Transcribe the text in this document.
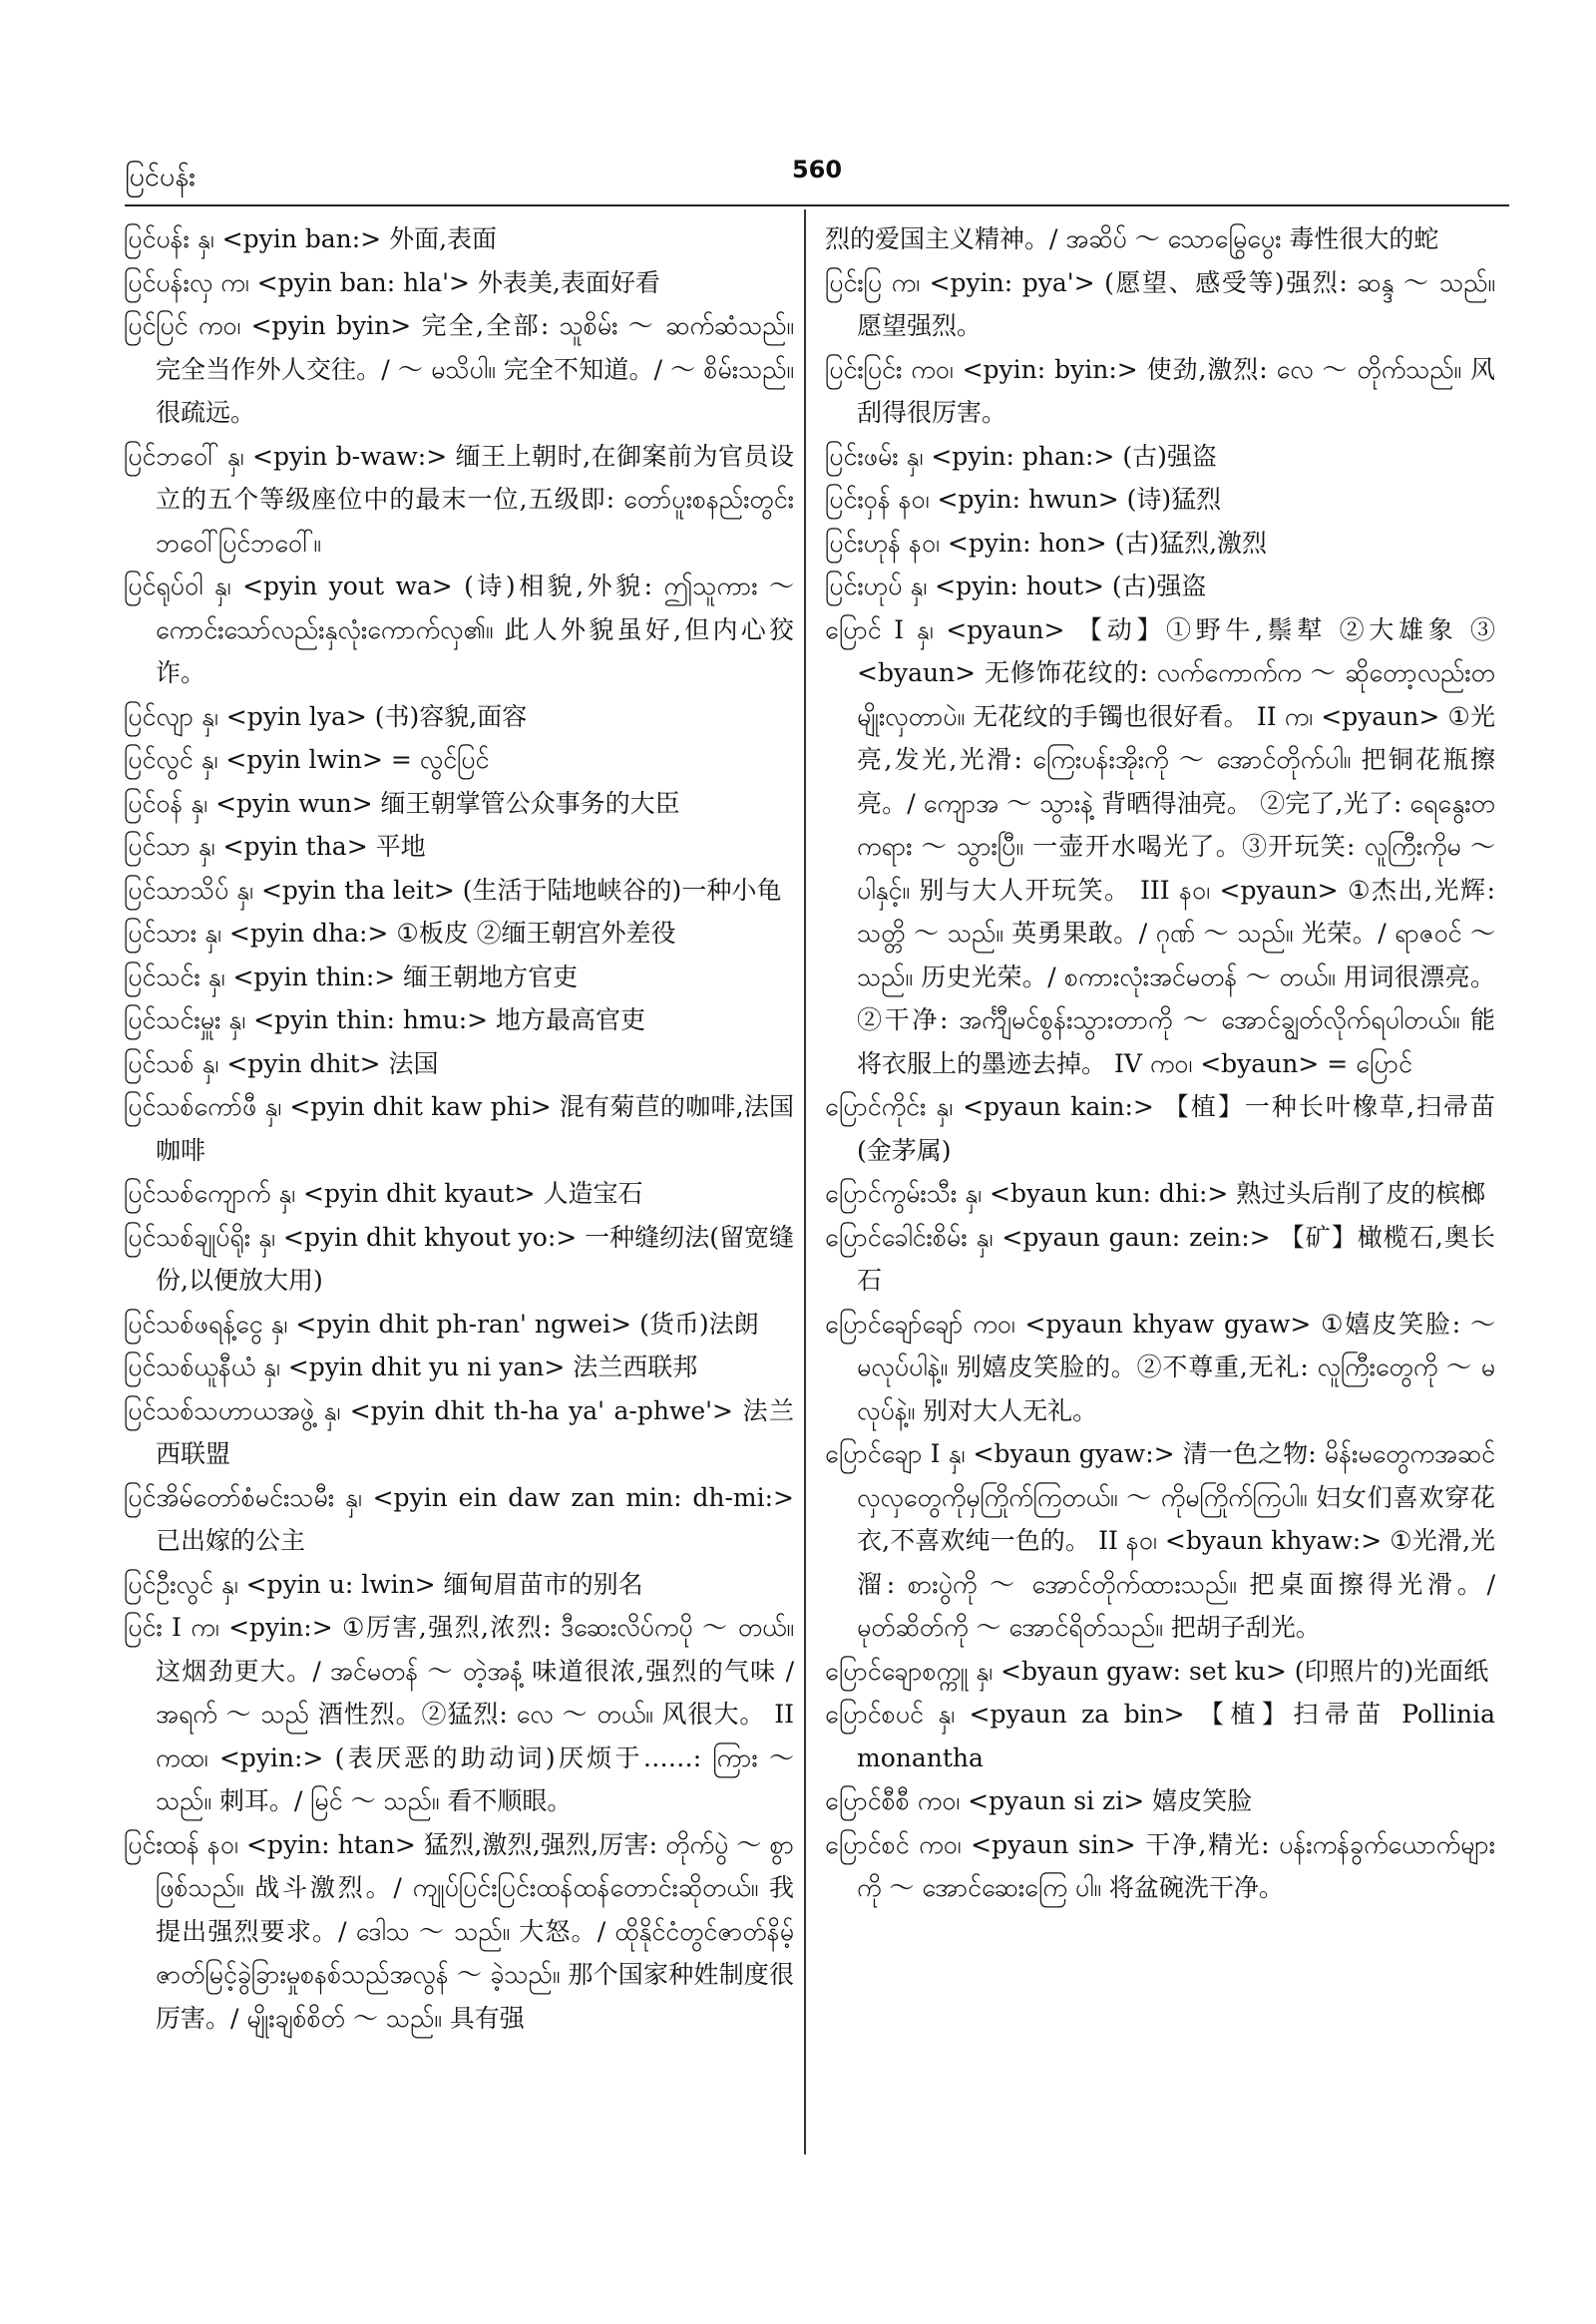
ပြင်ပန်း	560

ပြင်ပန်း နှ၊ <pyin ban:> 外面,表面

ပြင်ပန်းလှ က၊ <pyin ban: hla'> 外表美,表面好看

ပြင်ပြင် ကဝ၊ <pyin byin> 完全,全部: သူစိမ်း ～ ဆက်ဆံသည်။ 完全当作外人交往。/ ～ မသိပါ။ 完全不知道。/ ～ စိမ်းသည်။ 很疏远。

ပြင်ဘဝေါ် နှ၊ <pyin b-waw:> 缅王上朝时,在御案前为官员设立的五个等级座位中的最末一位,五级即: တော်ပူးစနည်းတွင်းဘဝေါ်ပြင်ဘဝေါ်။

ပြင်ရုပ်ဝါ နှ၊ <pyin yout wa> (诗)相貌,外貌: ဤသူကား ～ ကောင်းသော်လည်းနှလုံးကောက်လှ၏။ 此人外貌虽好,但内心狡诈。

ပြင်လျာ နှ၊ <pyin lya> (书)容貌,面容

ပြင်လွင် နှ၊ <pyin lwin> = လွင်ပြင်

ပြင်ဝန် နှ၊ <pyin wun> 缅王朝掌管公众事务的大臣

ပြင်သာ နှ၊ <pyin tha> 平地

ပြင်သာသိပ် နှ၊ <pyin tha leit> (生活于陆地峡谷的)一种小龟

ပြင်သား နှ၊ <pyin dha:> ①板皮 ②缅王朝宫外差役

ပြင်သင်း နှ၊ <pyin thin:> 缅王朝地方官吏

ပြင်သင်းမှူး နှ၊ <pyin thin: hmu:> 地方最高官吏

ပြင်သစ် နှ၊ <pyin dhit> 法国

ပြင်သစ်ကော်ဖီ နှ၊ <pyin dhit kaw phi> 混有菊苣的咖啡,法国咖啡

ပြင်သစ်ကျောက် နှ၊ <pyin dhit kyaut> 人造宝石

ပြင်သစ်ချုပ်ရိုး နှ၊ <pyin dhit khyout yo:> 一种缝纫法(留宽缝份,以便放大用)

ပြင်သစ်ဖရန့်ငွေ နှ၊ <pyin dhit ph-ran' ngwei> (货币)法朗

ပြင်သစ်ယူနီယံ နှ၊ <pyin dhit yu ni yan> 法兰西联邦

ပြင်သစ်သဟာယအဖွဲ့ နှ၊ <pyin dhit th-ha ya' a-phwe'> 法兰西联盟

ပြင်အိမ်တော်စံမင်းသမီး နှ၊ <pyin ein daw zan min: dh-mi:> 已出嫁的公主

ပြင်ဦးလွင် နှ၊ <pyin u: lwin> 缅甸眉苗市的别名

ပြင်း I က၊ <pyin:> ①厉害,强烈,浓烈: ဒီဆေးလိပ်ကပို ～ တယ်။ 这烟劲更大。/ အင်မတန် ～ တဲ့အနံ့ 味道很浓,强烈的气味 / အရက် ～ သည် 酒性烈。②猛烈: လေ ～ တယ်။ 风很大。 II ကထ၊ <pyin:> (表厌恶的助动词)厌烦于……: ကြား ～ သည်။ 刺耳。/ မြင် ～ သည်။ 看不顺眼。

ပြင်းထန် နဝ၊ <pyin: htan> 猛烈,激烈,强烈,厉害: တိုက်ပွဲ ～ စွာဖြစ်သည်။ 战斗激烈。/ ကျုပ်ပြင်းပြင်းထန်ထန်တောင်းဆိုတယ်။ 我提出强烈要求。/ ဒေါသ ～ သည်။ 大怒。/ ထိုနိုင်ငံတွင်ဇာတ်နိမ့်ဇာတ်မြင့်ခွဲခြားမှုစနစ်သည်အလွန် ～ ခဲ့သည်။ 那个国家种姓制度很厉害。/ မျိုးချစ်စိတ် ～ သည်။ 具有强

烈的爱国主义精神。/ အဆိပ် ～ သောမြွေပွေး 毒性很大的蛇

ပြင်းပြ က၊ <pyin: pya'> (愿望、感受等)强烈: ဆန္ဒ ～ သည်။ 愿望强烈。

ပြင်းပြင်း ကဝ၊ <pyin: byin:> 使劲,激烈: လေ ～ တိုက်သည်။ 风刮得很厉害。

ပြင်းဖမ်း နှ၊ <pyin: phan:> (古)强盗

ပြင်းဝှန် နဝ၊ <pyin: hwun> (诗)猛烈

ပြင်းဟုန် နဝ၊ <pyin: hon> (古)猛烈,激烈

ပြင်းဟုပ် နှ၊ <pyin: hout> (古)强盗

ပြောင် I နှ၊ <pyaun> 【动】①野牛,鬃犎 ②大雄象 ③ <byaun> 无修饰花纹的: လက်ကောက်က ～ ဆိုတော့လည်းတမျိုးလှတာပဲ။ 无花纹的手镯也很好看。 II က၊ <pyaun> ①光亮,发光,光滑: ကြေးပန်းအိုးကို ～ အောင်တိုက်ပါ။ 把铜花瓶擦亮。/ ကျောအ ～ သွားနဲ့ 背晒得油亮。 ②完了,光了: ရေနွေးတကရား ～ သွားပြီ။ 一壶开水喝光了。③开玩笑: လူကြီးကိုမ ～ ပါနှင့်။ 别与大人开玩笑。 III နဝ၊ <pyaun> ①杰出,光辉: သတ္တိ ～ သည်။ 英勇果敢。/ ဂုဏ် ～ သည်။ 光荣。/ ရာဇဝင် ～ သည်။ 历史光荣。/ စကားလုံးအင်မတန် ～ တယ်။ 用词很漂亮。 ②干净: အင်္ကျီမင်စွန်းသွားတာကို ～ အောင်ချွတ်လိုက်ရပါတယ်။ 能将衣服上的墨迹去掉。 IV ကဝ၊ <byaun> = ပြောင်

ပြောင်ကိုင်း နှ၊ <pyaun kain:> 【植】一种长叶橡草,扫帚苗(金茅属)

ပြောင်ကွမ်းသီး နှ၊ <byaun kun: dhi:> 熟过头后削了皮的槟榔

ပြောင်ခေါင်းစိမ်း နှ၊ <pyaun gaun: zein:> 【矿】橄榄石,奥长石

ပြောင်ချော်ချော် ကဝ၊ <pyaun khyaw gyaw> ①嬉皮笑脸: ～ မလုပ်ပါနဲ့။ 别嬉皮笑脸的。②不尊重,无礼: လူကြီးတွေကို ～ မလုပ်နဲ့။ 别对大人无礼。

ပြောင်ချော I နှ၊ <byaun gyaw:> 清一色之物: မိန်းမတွေကအဆင်လှလှတွေကိုမှကြိုက်ကြတယ်။ ～ ကိုမကြိုက်ကြပါ။ 妇女们喜欢穿花衣,不喜欢纯一色的。 II နဝ၊ <byaun khyaw:> ①光滑,光溜: စားပွဲကို ～ အောင်တိုက်ထားသည်။ 把桌面擦得光滑。/ မုတ်ဆိတ်ကို ～ အောင်ရိတ်သည်။ 把胡子刮光。

ပြောင်ချောစက္ကူ နှ၊ <byaun gyaw: set ku> (印照片的)光面纸

ပြောင်စပင် နှ၊ <pyaun za bin> 【植】扫帚苗 Pollinia monantha

ပြောင်စီစီ ကဝ၊ <pyaun si zi> 嬉皮笑脸

ပြောင်စင် ကဝ၊ <pyaun sin> 干净,精光: ပန်းကန်ခွက်ယောက်များကို ～ အောင်ဆေးကြေ ပါ။ 将盆碗洗干净。
